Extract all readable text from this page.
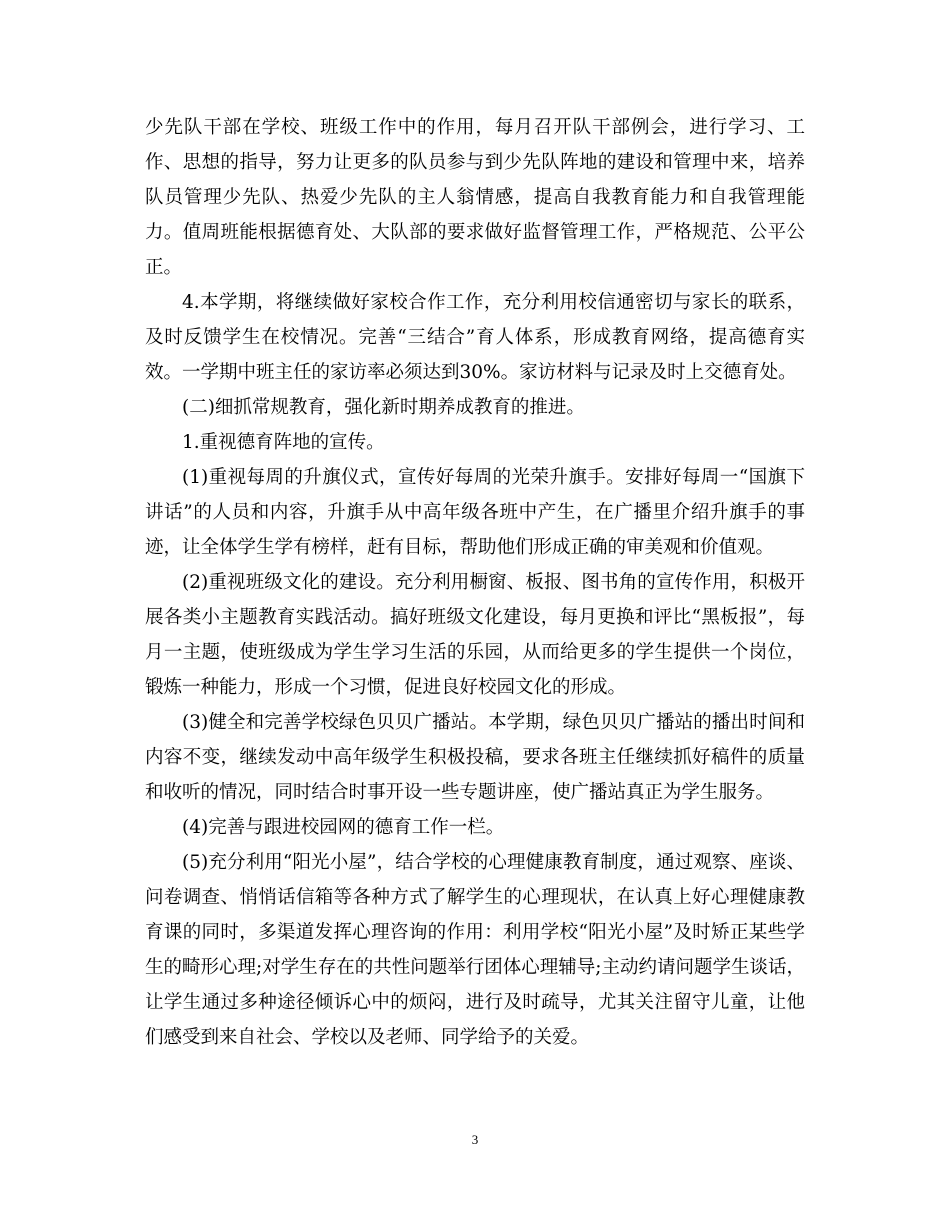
少先队干部在学校、班级工作中的作用，每月召开队干部例会，进行学习、工作、思想的指导，努力让更多的队员参与到少先队阵地的建设和管理中来，培养队员管理少先队、热爱少先队的主人翁情感，提高自我教育能力和自我管理能力。值周班能根据德育处、大队部的要求做好监督管理工作，严格规范、公平公正。

4.本学期，将继续做好家校合作工作，充分利用校信通密切与家长的联系，及时反馈学生在校情况。完善“三结合”育人体系，形成教育网络，提高德育实效。一学期中班主任的家访率必须达到30%。家访材料与记录及时上交德育处。

(二)细抓常规教育，强化新时期养成教育的推进。

1.重视德育阵地的宣传。

(1)重视每周的升旗仪式，宣传好每周的光荣升旗手。安排好每周一“国旗下讲话”的人员和内容，升旗手从中高年级各班中产生，在广播里介绍升旗手的事迹，让全体学生学有榜样，赶有目标，帮助他们形成正确的审美观和价值观。

(2)重视班级文化的建设。充分利用橱窗、板报、图书角的宣传作用，积极开展各类小主题教育实践活动。搞好班级文化建设，每月更换和评比“黑板报”，每月一主题，使班级成为学生学习生活的乐园，从而给更多的学生提供一个岗位，锻炼一种能力，形成一个习惯，促进良好校园文化的形成。

(3)健全和完善学校绿色贝贝广播站。本学期，绿色贝贝广播站的播出时间和内容不变，继续发动中高年级学生积极投稿，要求各班主任继续抓好稿件的质量和收听的情况，同时结合时事开设一些专题讲座，使广播站真正为学生服务。

(4)完善与跟进校园网的德育工作一栏。

(5)充分利用“阳光小屋”，结合学校的心理健康教育制度，通过观察、座谈、问卷调查、悄悄话信箱等各种方式了解学生的心理现状，在认真上好心理健康教育课的同时，多渠道发挥心理咨询的作用：利用学校“阳光小屋”及时矫正某些学生的畸形心理;对学生存在的共性问题举行团体心理辅导;主动约请问题学生谈话，让学生通过多种途径倾诉心中的烦闷，进行及时疏导，尤其关注留守儿童，让他们感受到来自社会、学校以及老师、同学给予的关爱。

3
